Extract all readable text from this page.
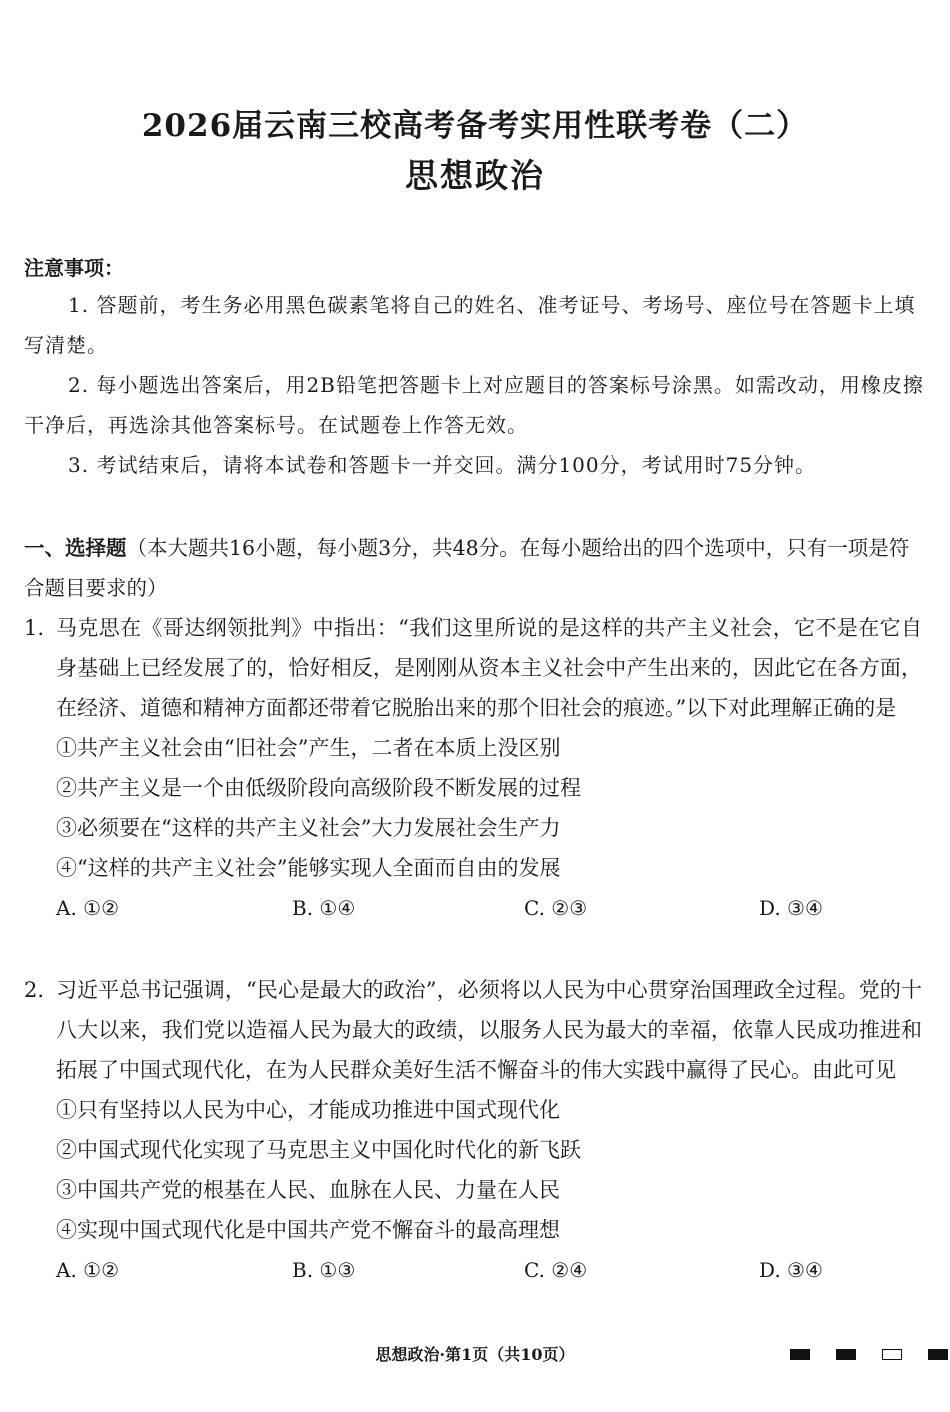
2026届云南三校高考备考实用性联考卷（二）
思想政治
注意事项：
1. 答题前，考生务必用黑色碳素笔将自己的姓名、准考证号、考场号、座位号在答题卡上填写清楚。
2. 每小题选出答案后，用2B铅笔把答题卡上对应题目的答案标号涂黑。如需改动，用橡皮擦干净后，再选涂其他答案标号。在试题卷上作答无效。
3. 考试结束后，请将本试卷和答题卡一并交回。满分100分，考试用时75分钟。
一、选择题（本大题共16小题，每小题3分，共48分。在每小题给出的四个选项中，只有一项是符合题目要求的）
1. 马克思在《哥达纲领批判》中指出：“我们这里所说的是这样的共产主义社会，它不是在它自身基础上已经发展了的，恰好相反，是刚刚从资本主义社会中产生出来的，因此它在各方面，在经济、道德和精神方面都还带着它脱胎出来的那个旧社会的痕迹。”以下对此理解正确的是
①共产主义社会由“旧社会”产生，二者在本质上没区别
②共产主义是一个由低级阶段向高级阶段不断发展的过程
③必须要在“这样的共产主义社会”大力发展社会生产力
④“这样的共产主义社会”能够实现人全面而自由的发展
A. ①②	B. ①④	C. ②③	D. ③④
2. 习近平总书记强调，“民心是最大的政治”，必须将以人民为中心贯穿治国理政全过程。党的十八大以来，我们党以造福人民为最大的政绩，以服务人民为最大的幸福，依靠人民成功推进和拓展了中国式现代化，在为人民群众美好生活不懈奋斗的伟大实践中赢得了民心。由此可见
①只有坚持以人民为中心，才能成功推进中国式现代化
②中国式现代化实现了马克思主义中国化时代化的新飞跃
③中国共产党的根基在人民、血脉在人民、力量在人民
④实现中国式现代化是中国共产党不懈奋斗的最高理想
A. ①②	B. ①③	C. ②④	D. ③④
思想政治·第1页（共10页）
